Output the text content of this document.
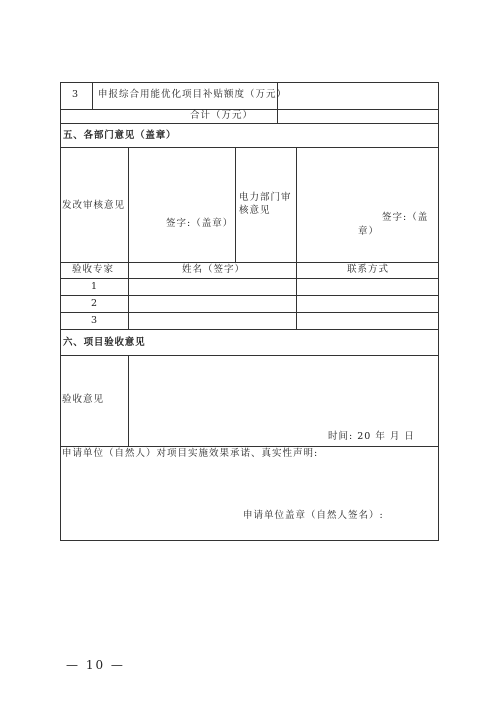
3 申报综合用能优化项目补贴额度（万元）
合计（万元）
五、各部门意见（盖章）
发改审核意见
签字:（盖章）
电力部门审
核意见
签字:（盖
章）
验收专家	姓名（签字）	联系方式
1
2
3
六、项目验收意见
验收意见
时间: 20 年 月 日
申请单位（自然人）对项目实施效果承诺、真实性声明:
申请单位盖章（自然人签名）:
— 10 —
